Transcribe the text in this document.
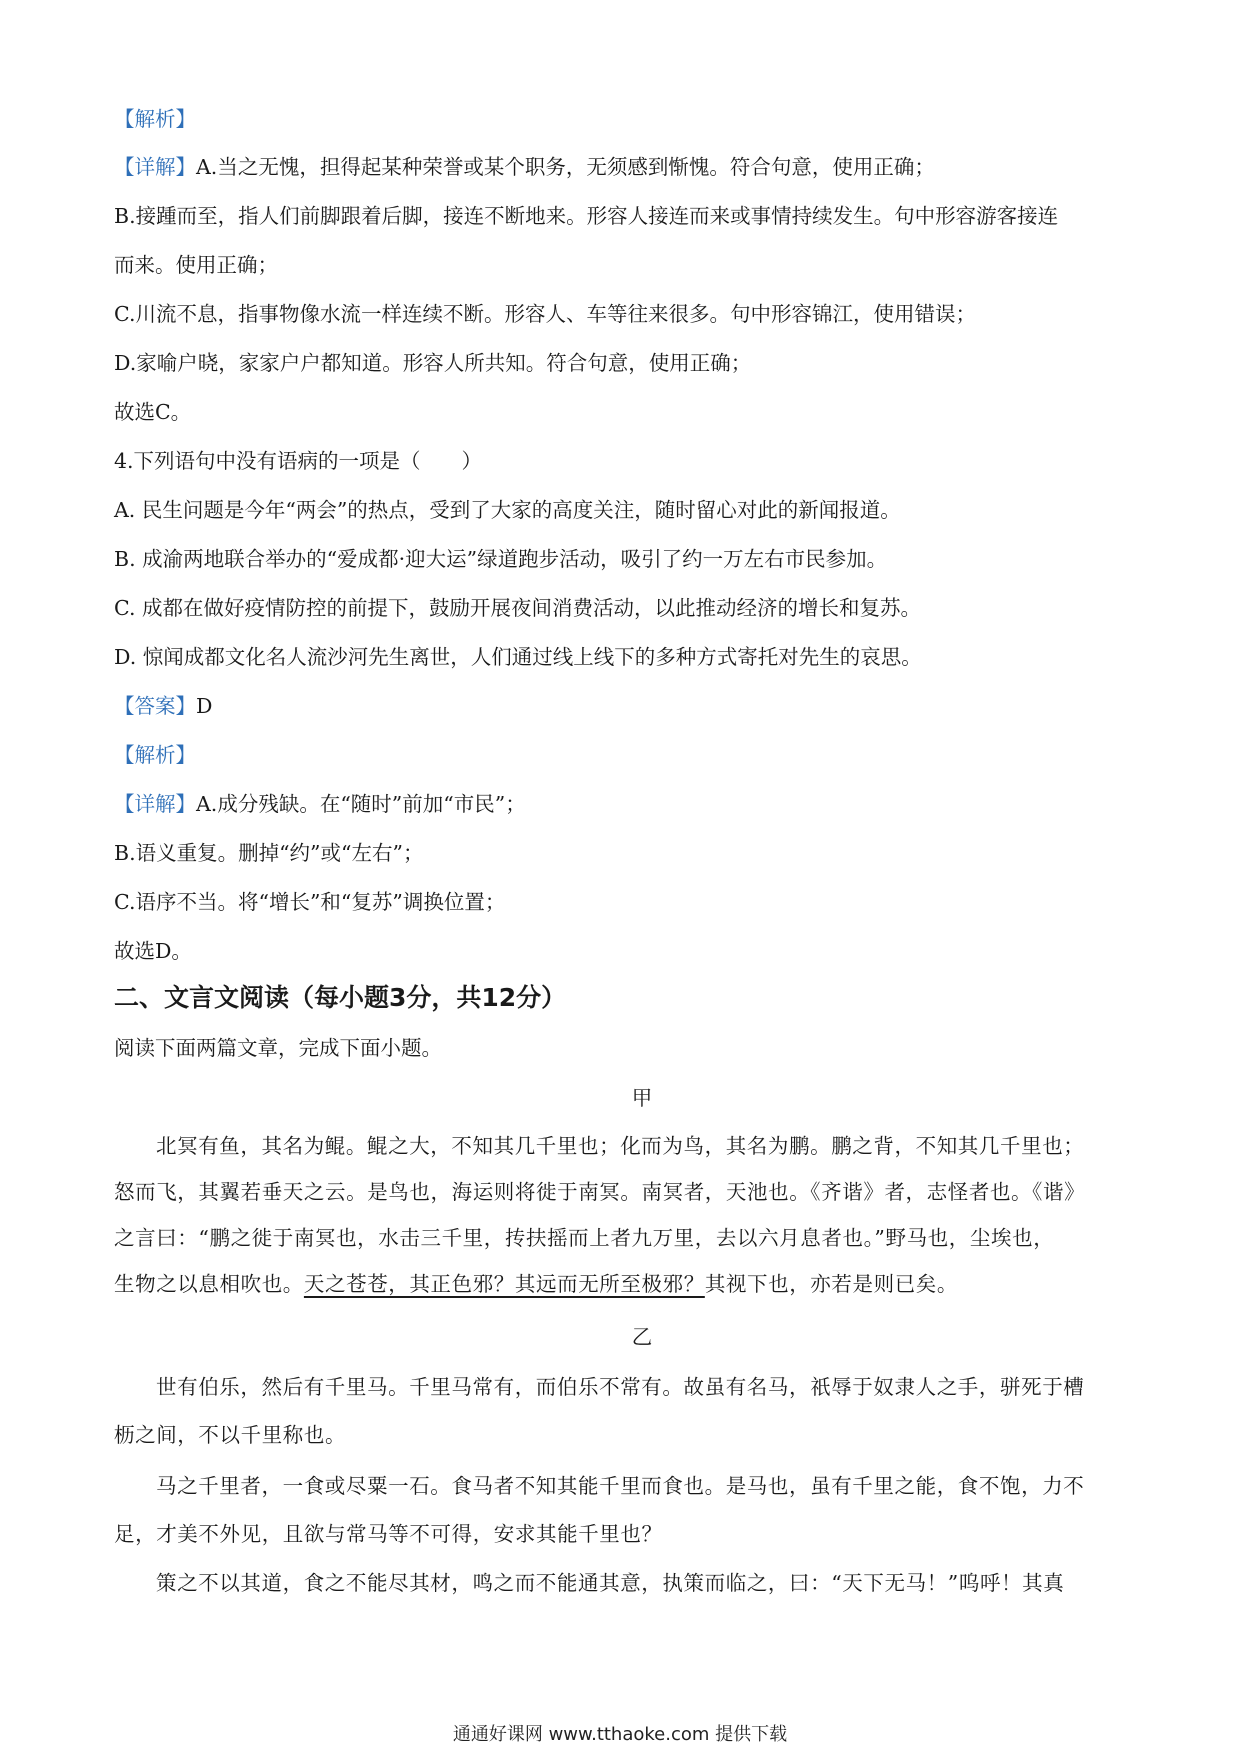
【解析】
【详解】A.当之无愧，担得起某种荣誉或某个职务，无须感到惭愧。符合句意，使用正确；
B.接踵而至，指人们前脚跟着后脚，接连不断地来。形容人接连而来或事情持续发生。句中形容游客接连
而来。使用正确；
C.川流不息，指事物像水流一样连续不断。形容人、车等往来很多。句中形容锦江，使用错误；
D.家喻户晓，家家户户都知道。形容人所共知。符合句意，使用正确；
故选C。
4.下列语句中没有语病的一项是（　　）
A. 民生问题是今年“两会”的热点，受到了大家的高度关注，随时留心对此的新闻报道。
B. 成渝两地联合举办的“爱成都·迎大运”绿道跑步活动，吸引了约一万左右市民参加。
C. 成都在做好疫情防控的前提下，鼓励开展夜间消费活动，以此推动经济的增长和复苏。
D. 惊闻成都文化名人流沙河先生离世，人们通过线上线下的多种方式寄托对先生的哀思。
【答案】D
【解析】
【详解】A.成分残缺。在“随时”前加“市民”；
B.语义重复。删掉“约”或“左右”；
C.语序不当。将“增长”和“复苏”调换位置；
故选D。
二、文言文阅读（每小题3分，共12分）
阅读下面两篇文章，完成下面小题。
甲
北冥有鱼，其名为鲲。鲲之大，不知其几千里也；化而为鸟，其名为鹏。鹏之背，不知其几千里也；
怒而飞，其翼若垂天之云。是鸟也，海运则将徙于南冥。南冥者，天池也。《齐谐》者，志怪者也。《谐》
之言曰：“鹏之徙于南冥也，水击三千里，抟扶摇而上者九万里，去以六月息者也。”野马也，尘埃也，
生物之以息相吹也。天之苍苍，其正色邪？其远而无所至极邪？其视下也，亦若是则已矣。
乙
世有伯乐，然后有千里马。千里马常有，而伯乐不常有。故虽有名马，祇辱于奴隶人之手，骈死于槽
枥之间，不以千里称也。
马之千里者，一食或尽粟一石。食马者不知其能千里而食也。是马也，虽有千里之能，食不饱，力不
足，才美不外见，且欲与常马等不可得，安求其能千里也？
策之不以其道，食之不能尽其材，鸣之而不能通其意，执策而临之，曰：“天下无马！”呜呼！其真
通通好课网 www.tthaoke.com 提供下载
